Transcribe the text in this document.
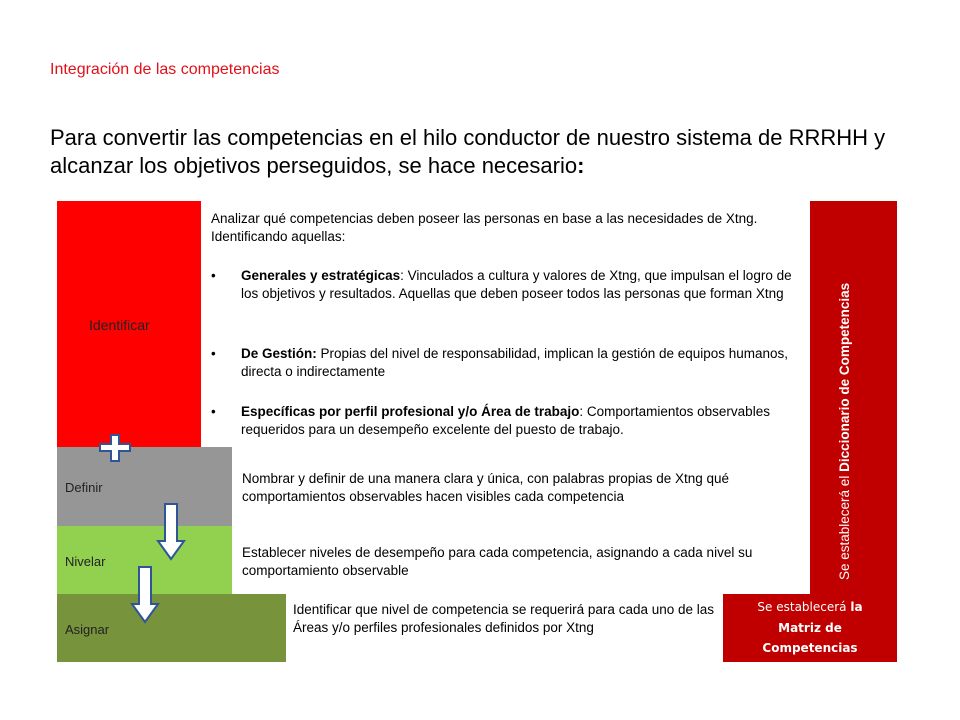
Integración de las competencias
Para convertir las competencias en el hilo conductor de nuestro sistema de RRRHH y alcanzar los objetivos perseguidos, se hace necesario:
Identificar
Definir
Nivelar
Asignar
Analizar qué competencias deben poseer las personas en base a las necesidades de Xtng. Identificando aquellas:
• Generales y estratégicas: Vinculados a cultura y valores de Xtng, que impulsan el logro de los objetivos y resultados. Aquellas que deben poseer todos las personas que forman Xtng
• De Gestión: Propias del nivel de responsabilidad, implican la gestión de equipos humanos, directa o indirectamente
• Específicas por perfil profesional y/o Área de trabajo: Comportamientos observables requeridos para un desempeño excelente del puesto de trabajo.
Nombrar y definir de una manera clara y única, con palabras propias de Xtng qué comportamientos observables hacen visibles cada competencia
Establecer niveles de desempeño para cada competencia, asignando a cada nivel su comportamiento observable
Identificar que nivel de competencia se requerirá para cada uno de las Áreas y/o perfiles profesionales definidos por Xtng
Se establecerá el Diccionario de Competencias
Se establecerá la
Matriz de
Competencias
